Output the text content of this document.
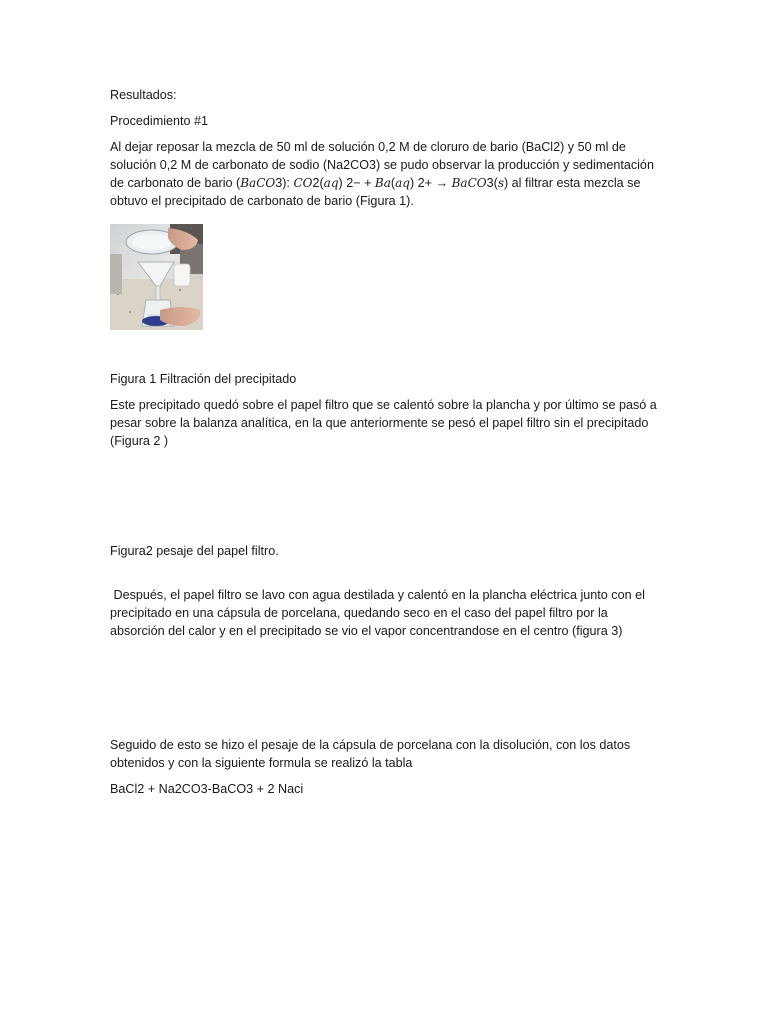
Resultados:

Procedimiento #1

Al dejar reposar la mezcla de 50 ml de solución 0,2 M de cloruro de bario (BaCl2) y 50 ml de solución 0,2 M de carbonato de sodio (Na2CO3) se pudo observar la producción y sedimentación de carbonato de bario (BaCO3): CO2(aq) 2− + Ba(aq) 2+ → BaCO3(s) al filtrar esta mezcla se obtuvo el precipitado de carbonato de bario (Figura 1).

Figura 1 Filtración del precipitado

Este precipitado quedó sobre el papel filtro que se calentó sobre la plancha y por último se pasó a pesar sobre la balanza analítica, en la que anteriormente se pesó el papel filtro sin el precipitado (Figura 2 )

Figura2 pesaje del papel filtro.

Después, el papel filtro se lavo con agua destilada y calentó en la plancha eléctrica junto con el precipitado en una cápsula de porcelana, quedando seco en el caso del papel filtro por la absorción del calor y en el precipitado se vio el vapor concentrandose en el centro (figura 3)

Seguido de esto se hizo el pesaje de la cápsula de porcelana con la disolución, con los datos obtenidos y con la siguiente formula se realizó la tabla

BaCl2 + Na2CO3-BaCO3 + 2 Naci
